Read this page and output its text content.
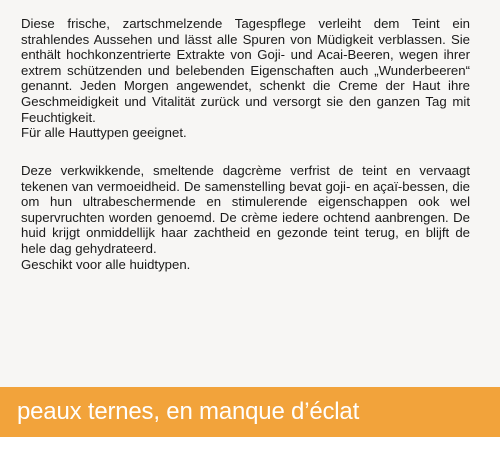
Diese frische, zartschmelzende Tagespflege verleiht dem Teint ein strahlendes Aussehen und lässt alle Spuren von Müdigkeit verblassen. Sie enthält hochkonzentrierte Extrakte von Goji- und Acai-Beeren, wegen ihrer extrem schützenden und belebenden Eigenschaften auch „Wunderbeeren“ genannt. Jeden Morgen angewendet, schenkt die Creme der Haut ihre Geschmeidigkeit und Vitalität zurück und versorgt sie den ganzen Tag mit Feuchtigkeit.

Für alle Hauttypen geeignet.

Deze verkwikkende, smeltende dagcrème verfrist de teint en vervaagt tekenen van vermoeidheid. De samenstelling bevat goji- en açaï-bessen, die om hun ultrabeschermende en stimulerende eigenschappen ook wel supervruchten worden genoemd. De crème iedere ochtend aanbrengen. De huid krijgt onmiddellijk haar zachtheid en gezonde teint terug, en blijft de hele dag gehydrateerd.

Geschikt voor alle huidtypen.

peaux ternes, en manque d’éclat
